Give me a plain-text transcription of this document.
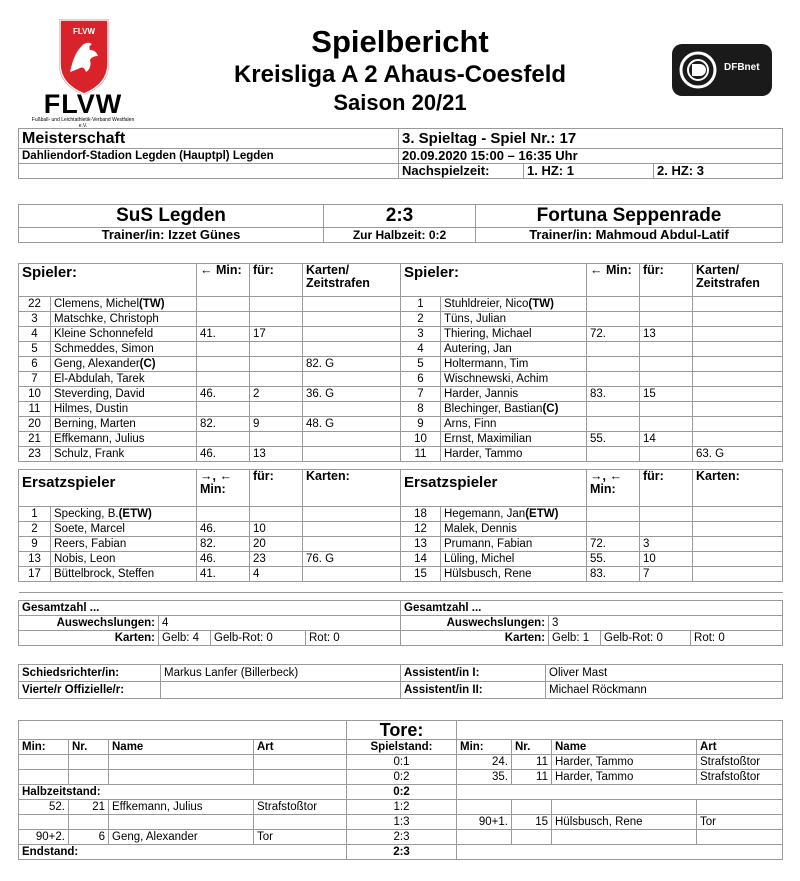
FLVW
FLVW
Fußball- und Leichtathletik-Verband Westfalen e.V.
Spielbericht
Kreisliga A 2 Ahaus-Coesfeld
Saison 20/21
DFBnet
Meisterschaft	3. Spieltag - Spiel Nr.: 17		
Dahliendorf-Stadion Legden (Hauptpl) Legden	20.09.2020 15:00 – 16:35 Uhr		
	Nachspielzeit:	1. HZ: 1	2. HZ: 3
SuS Legden	2:3	Fortuna Seppenrade
Trainer/in: Izzet Günes	Zur Halbzeit: 0:2	Trainer/in: Mahmoud Abdul-Latif
Spieler:		← Min:	für:	Karten/ Zeitstrafen	Spieler:		← Min:	für:	Karten/ Zeitstrafen
22	Clemens, Michel(TW)				1	Stuhldreier, Nico(TW)			
3	Matschke, Christoph				2	Tüns, Julian			
4	Kleine Schonnefeld	41.	17		3	Thiering, Michael	72.	13	
5	Schmeddes, Simon				4	Autering, Jan			
6	Geng, Alexander(C)			82. G	5	Holtermann, Tim			
7	El-Abdulah, Tarek				6	Wischnewski, Achim			
10	Steverding, David	46.	2	36. G	7	Harder, Jannis	83.	15	
11	Hilmes, Dustin				8	Blechinger, Bastian(C)			
20	Berning, Marten	82.	9	48. G	9	Arns, Finn			
21	Effkemann, Julius				10	Ernst, Maximilian	55.	14	
23	Schulz, Frank	46.	13		11	Harder, Tammo			63. G

Ersatzspieler		→, ← Min:	für:	Karten:	Ersatzspieler		→, ← Min:	für:	Karten:
1	Specking, B.(ETW)				18	Hegemann, Jan(ETW)			
2	Soete, Marcel	46.	10		12	Malek, Dennis			
9	Reers, Fabian	82.	20		13	Prumann, Fabian	72.	3	
13	Nobis, Leon	46.	23	76. G	14	Lüling, Michel	55.	10	
17	Büttelbrock, Steffen	41.	4		15	Hülsbusch, Rene	83.	7	

Gesamtzahl ...				Gesamtzahl ...			
Auswechslungen:	4			Auswechslungen:	3		
Karten:	Gelb: 4	Gelb-Rot: 0	Rot: 0	Karten:	Gelb: 1	Gelb-Rot: 0	Rot: 0
Schiedsrichter/in:	Markus Lanfer (Billerbeck)	Assistent/in I:	Oliver Mast
Vierte/r Offizielle/r:		Assistent/in II:	Michael Röckmann
				Tore:				
Min:	Nr.	Name	Art	Spielstand:	Min:	Nr.	Name	Art
				0:1	24.	11	Harder, Tammo	Strafstoßtor
				0:2	35.	11	Harder, Tammo	Strafstoßtor
Halbzeitstand:				0:2				
52.	21	Effkemann, Julius	Strafstoßtor	1:2				
				1:3	90+1.	15	Hülsbusch, Rene	Tor
90+2.	6	Geng, Alexander	Tor	2:3				
Endstand:				2:3				
